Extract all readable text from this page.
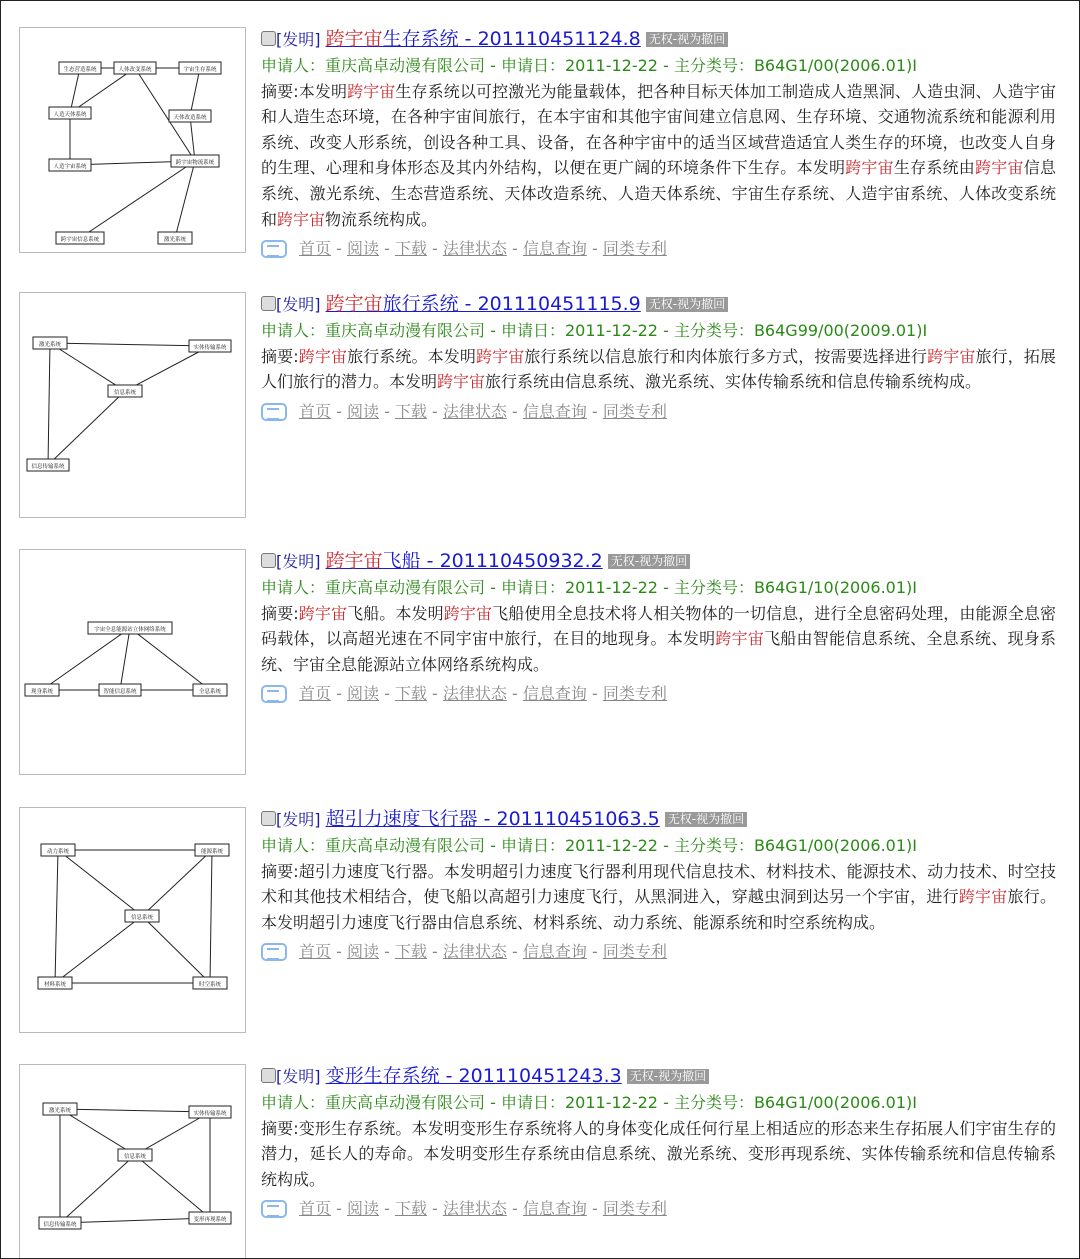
生态营造系统	人体改变系统	宇宙生存系统
人造天体系统	天体改造系统
人造宇宙系统
跨宇宙物流系统
跨宇宙信息系统	激光系统
[发明] 跨宇宙生存系统 - 201110451124.8 无权-视为撤回
申请人：重庆高卓动漫有限公司 - 申请日：2011-12-22 - 主分类号：B64G1/00(2006.01)I
摘要:本发明跨宇宙生存系统以可控激光为能量载体，把各种目标天体加工制造成人造黑洞、人造虫洞、人造宇宙和人造生态环境，在各种宇宙间旅行，在本宇宙和其他宇宙间建立信息网、生存环境、交通物流系统和能源利用系统、改变人形系统，创设各种工具、设备，在各种宇宙中的适当区域营造适宜人类生存的环境，也改变人自身的生理、心理和身体形态及其内外结构，以便在更广阔的环境条件下生存。本发明跨宇宙生存系统由跨宇宙信息系统、激光系统、生态营造系统、天体改造系统、人造天体系统、宇宙生存系统、人造宇宙系统、人体改变系统和跨宇宙物流系统构成。
首页 - 阅读 - 下载 - 法律状态 - 信息查询 - 同类专利
激光系统	实体传输系统
信息系统
信息传输系统
[发明] 跨宇宙旅行系统 - 201110451115.9 无权-视为撤回
申请人：重庆高卓动漫有限公司 - 申请日：2011-12-22 - 主分类号：B64G99/00(2009.01)I
摘要:跨宇宙旅行系统。本发明跨宇宙旅行系统以信息旅行和肉体旅行多方式，按需要选择进行跨宇宙旅行，拓展人们旅行的潜力。本发明跨宇宙旅行系统由信息系统、激光系统、实体传输系统和信息传输系统构成。
首页 - 阅读 - 下载 - 法律状态 - 信息查询 - 同类专利
宇宙全息能源站立体网络系统
现身系统	智能信息系统	全息系统
[发明] 跨宇宙飞船 - 201110450932.2 无权-视为撤回
申请人：重庆高卓动漫有限公司 - 申请日：2011-12-22 - 主分类号：B64G1/10(2006.01)I
摘要:跨宇宙飞船。本发明跨宇宙飞船使用全息技术将人相关物体的一切信息，进行全息密码处理，由能源全息密码载体，以高超光速在不同宇宙中旅行，在目的地现身。本发明跨宇宙飞船由智能信息系统、全息系统、现身系统、宇宙全息能源站立体网络系统构成。
首页 - 阅读 - 下载 - 法律状态 - 信息查询 - 同类专利
动力系统	能源系统
信息系统
材料系统	时空系统
[发明] 超引力速度飞行器 - 201110451063.5 无权-视为撤回
申请人：重庆高卓动漫有限公司 - 申请日：2011-12-22 - 主分类号：B64G1/00(2006.01)I
摘要:超引力速度飞行器。本发明超引力速度飞行器利用现代信息技术、材料技术、能源技术、动力技术、时空技术和其他技术相结合，使飞船以高超引力速度飞行，从黑洞进入，穿越虫洞到达另一个宇宙，进行跨宇宙旅行。本发明超引力速度飞行器由信息系统、材料系统、动力系统、能源系统和时空系统构成。
首页 - 阅读 - 下载 - 法律状态 - 信息查询 - 同类专利
激光系统	实体传输系统
信息系统
信息传输系统
变形再现系统
[发明] 变形生存系统 - 201110451243.3 无权-视为撤回
申请人：重庆高卓动漫有限公司 - 申请日：2011-12-22 - 主分类号：B64G1/00(2006.01)I
摘要:变形生存系统。本发明变形生存系统将人的身体变化成任何行星上相适应的形态来生存拓展人们宇宙生存的潜力，延长人的寿命。本发明变形生存系统由信息系统、激光系统、变形再现系统、实体传输系统和信息传输系统构成。
首页 - 阅读 - 下载 - 法律状态 - 信息查询 - 同类专利
